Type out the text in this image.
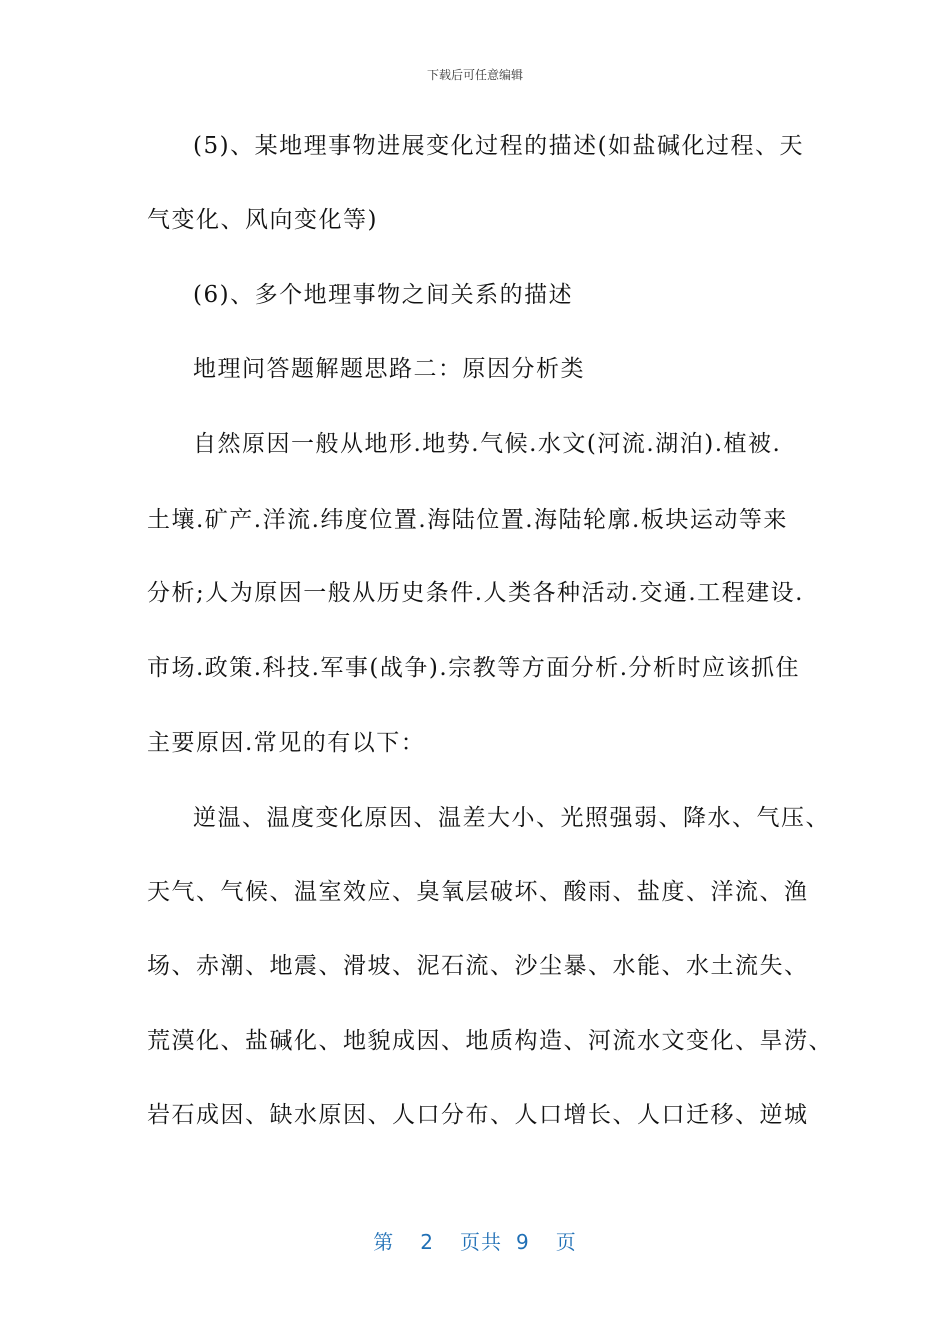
下载后可任意编辑
(5)、某地理事物进展变化过程的描述(如盐碱化过程、天
气变化、风向变化等)
(6)、多个地理事物之间关系的描述
地理问答题解题思路二：原因分析类
自然原因一般从地形.地势.气候.水文(河流.湖泊).植被.
土壤.矿产.洋流.纬度位置.海陆位置.海陆轮廓.板块运动等来
分析;人为原因一般从历史条件.人类各种活动.交通.工程建设.
市场.政策.科技.军事(战争).宗教等方面分析.分析时应该抓住
主要原因.常见的有以下：
逆温、温度变化原因、温差大小、光照强弱、降水、气压、
天气、气候、温室效应、臭氧层破坏、酸雨、盐度、洋流、渔
场、赤潮、地震、滑坡、泥石流、沙尘暴、水能、水土流失、
荒漠化、盐碱化、地貌成因、地质构造、河流水文变化、旱涝、
岩石成因、缺水原因、人口分布、人口增长、人口迁移、逆城
第 2 页共 9 页
